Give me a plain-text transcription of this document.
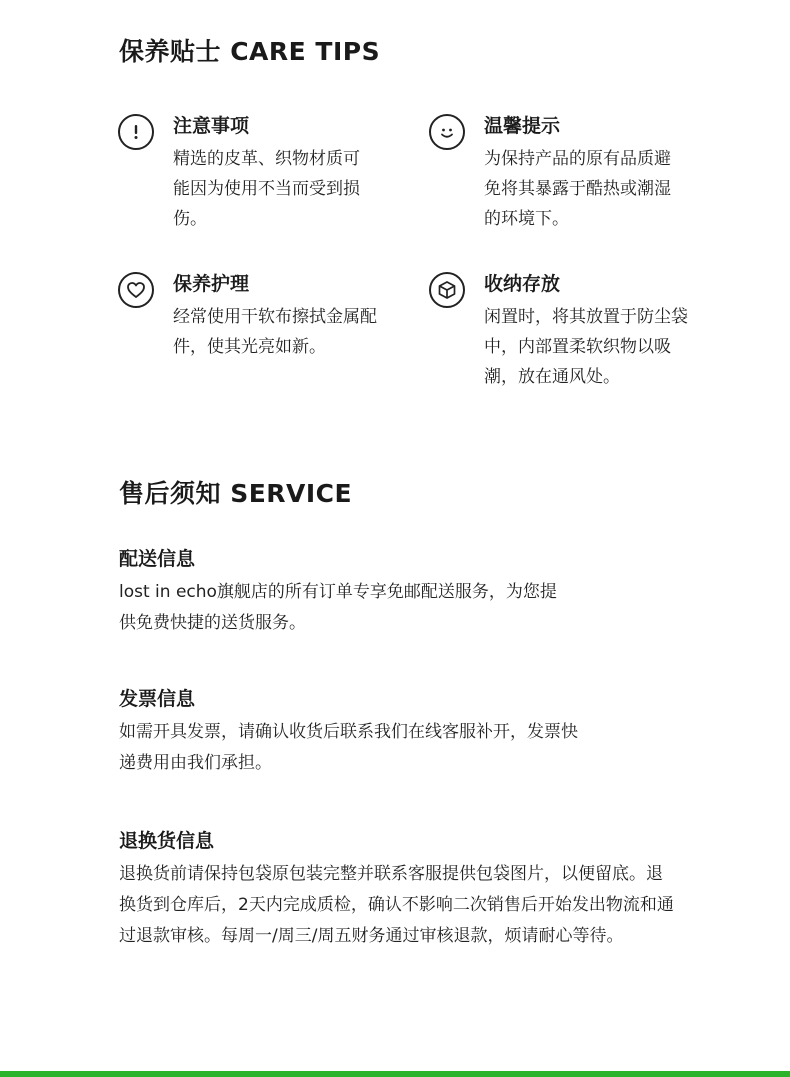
保养贴士 CARE TIPS
注意事项

精选的皮革、织物材质可能因为使用不当而受到损伤。

温馨提示

为保持产品的原有品质避免将其暴露于酷热或潮湿的环境下。

保养护理

经常使用干软布擦拭金属配件，使其光亮如新。

收纳存放

闲置时，将其放置于防尘袋中，内部置柔软织物以吸潮，放在通风处。

售后须知 SERVICE
配送信息

lost in echo旗舰店的所有订单专享免邮配送服务，为您提供免费快捷的送货服务。

发票信息

如需开具发票，请确认收货后联系我们在线客服补开，发票快递费用由我们承担。

退换货信息

退换货前请保持包袋原包装完整并联系客服提供包袋图片，以便留底。退换货到仓库后，2天内完成质检，确认不影响二次销售后开始发出物流和通过退款审核。每周一/周三/周五财务通过审核退款，烦请耐心等待。
